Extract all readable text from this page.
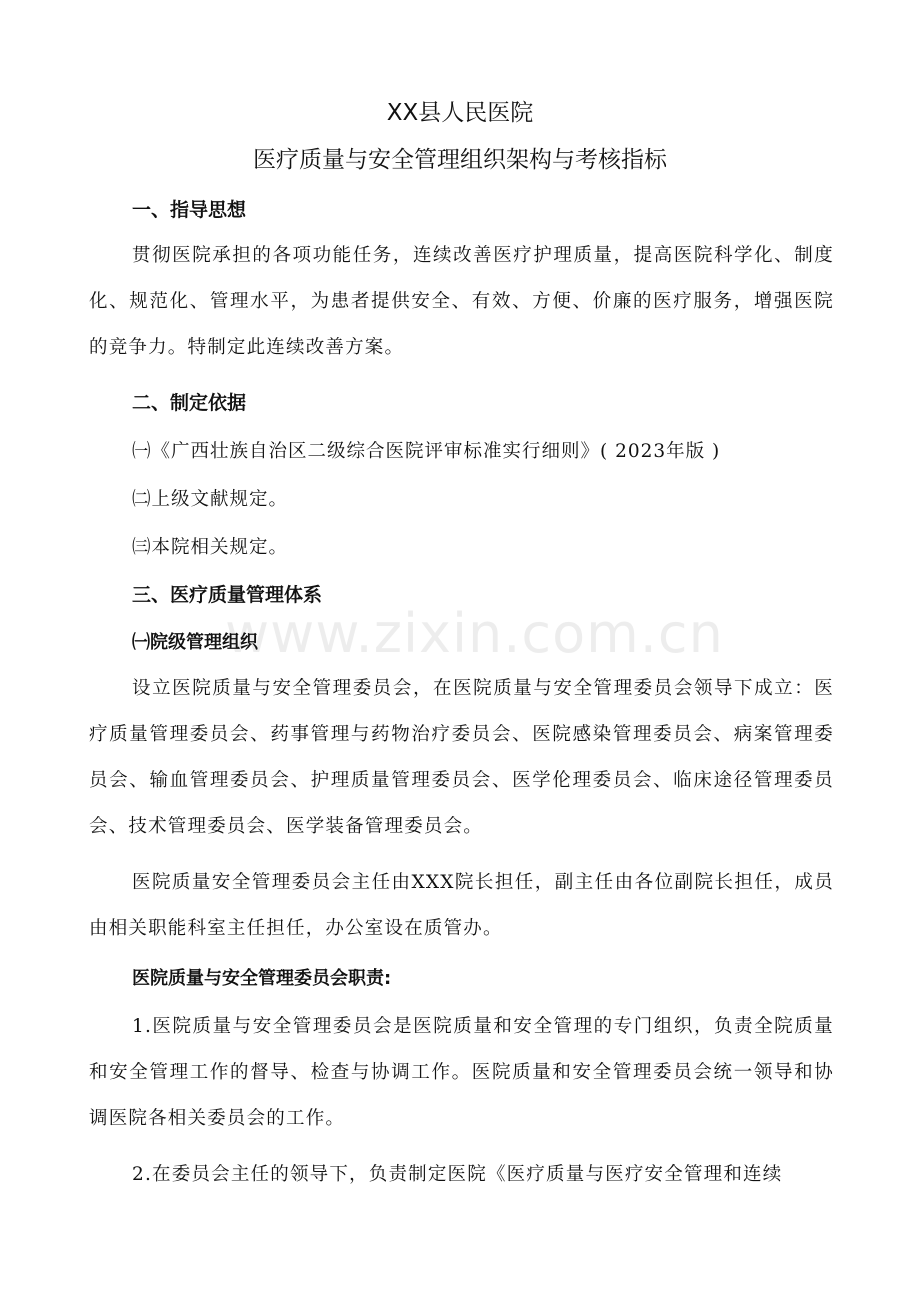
XX县人民医院
医疗质量与安全管理组织架构与考核指标
一、指导思想

贯彻医院承担的各项功能任务，连续改善医疗护理质量，提高医院科学化、制度化、规范化、管理水平，为患者提供安全、有效、方便、价廉的医疗服务，增强医院的竞争力。特制定此连续改善方案。

二、制定依据
㈠《广西壮族自治区二级综合医院评审标准实行细则》( 2023年版 )
㈡上级文献规定。
㈢本院相关规定。
三、医疗质量管理体系
www.zixin.com.cn
㈠院级管理组织

设立医院质量与安全管理委员会，在医院质量与安全管理委员会领导下成立：医疗质量管理委员会、药事管理与药物治疗委员会、医院感染管理委员会、病案管理委员会、输血管理委员会、护理质量管理委员会、医学伦理委员会、临床途径管理委员会、技术管理委员会、医学装备管理委员会。

医院质量安全管理委员会主任由XXX院长担任，副主任由各位副院长担任，成员由相关职能科室主任担任，办公室设在质管办。

医院质量与安全管理委员会职责:

1.医院质量与安全管理委员会是医院质量和安全管理的专门组织，负责全院质量和安全管理工作的督导、检查与协调工作。医院质量和安全管理委员会统一领导和协调医院各相关委员会的工作。

2.在委员会主任的领导下，负责制定医院《医疗质量与医疗安全管理和连续
